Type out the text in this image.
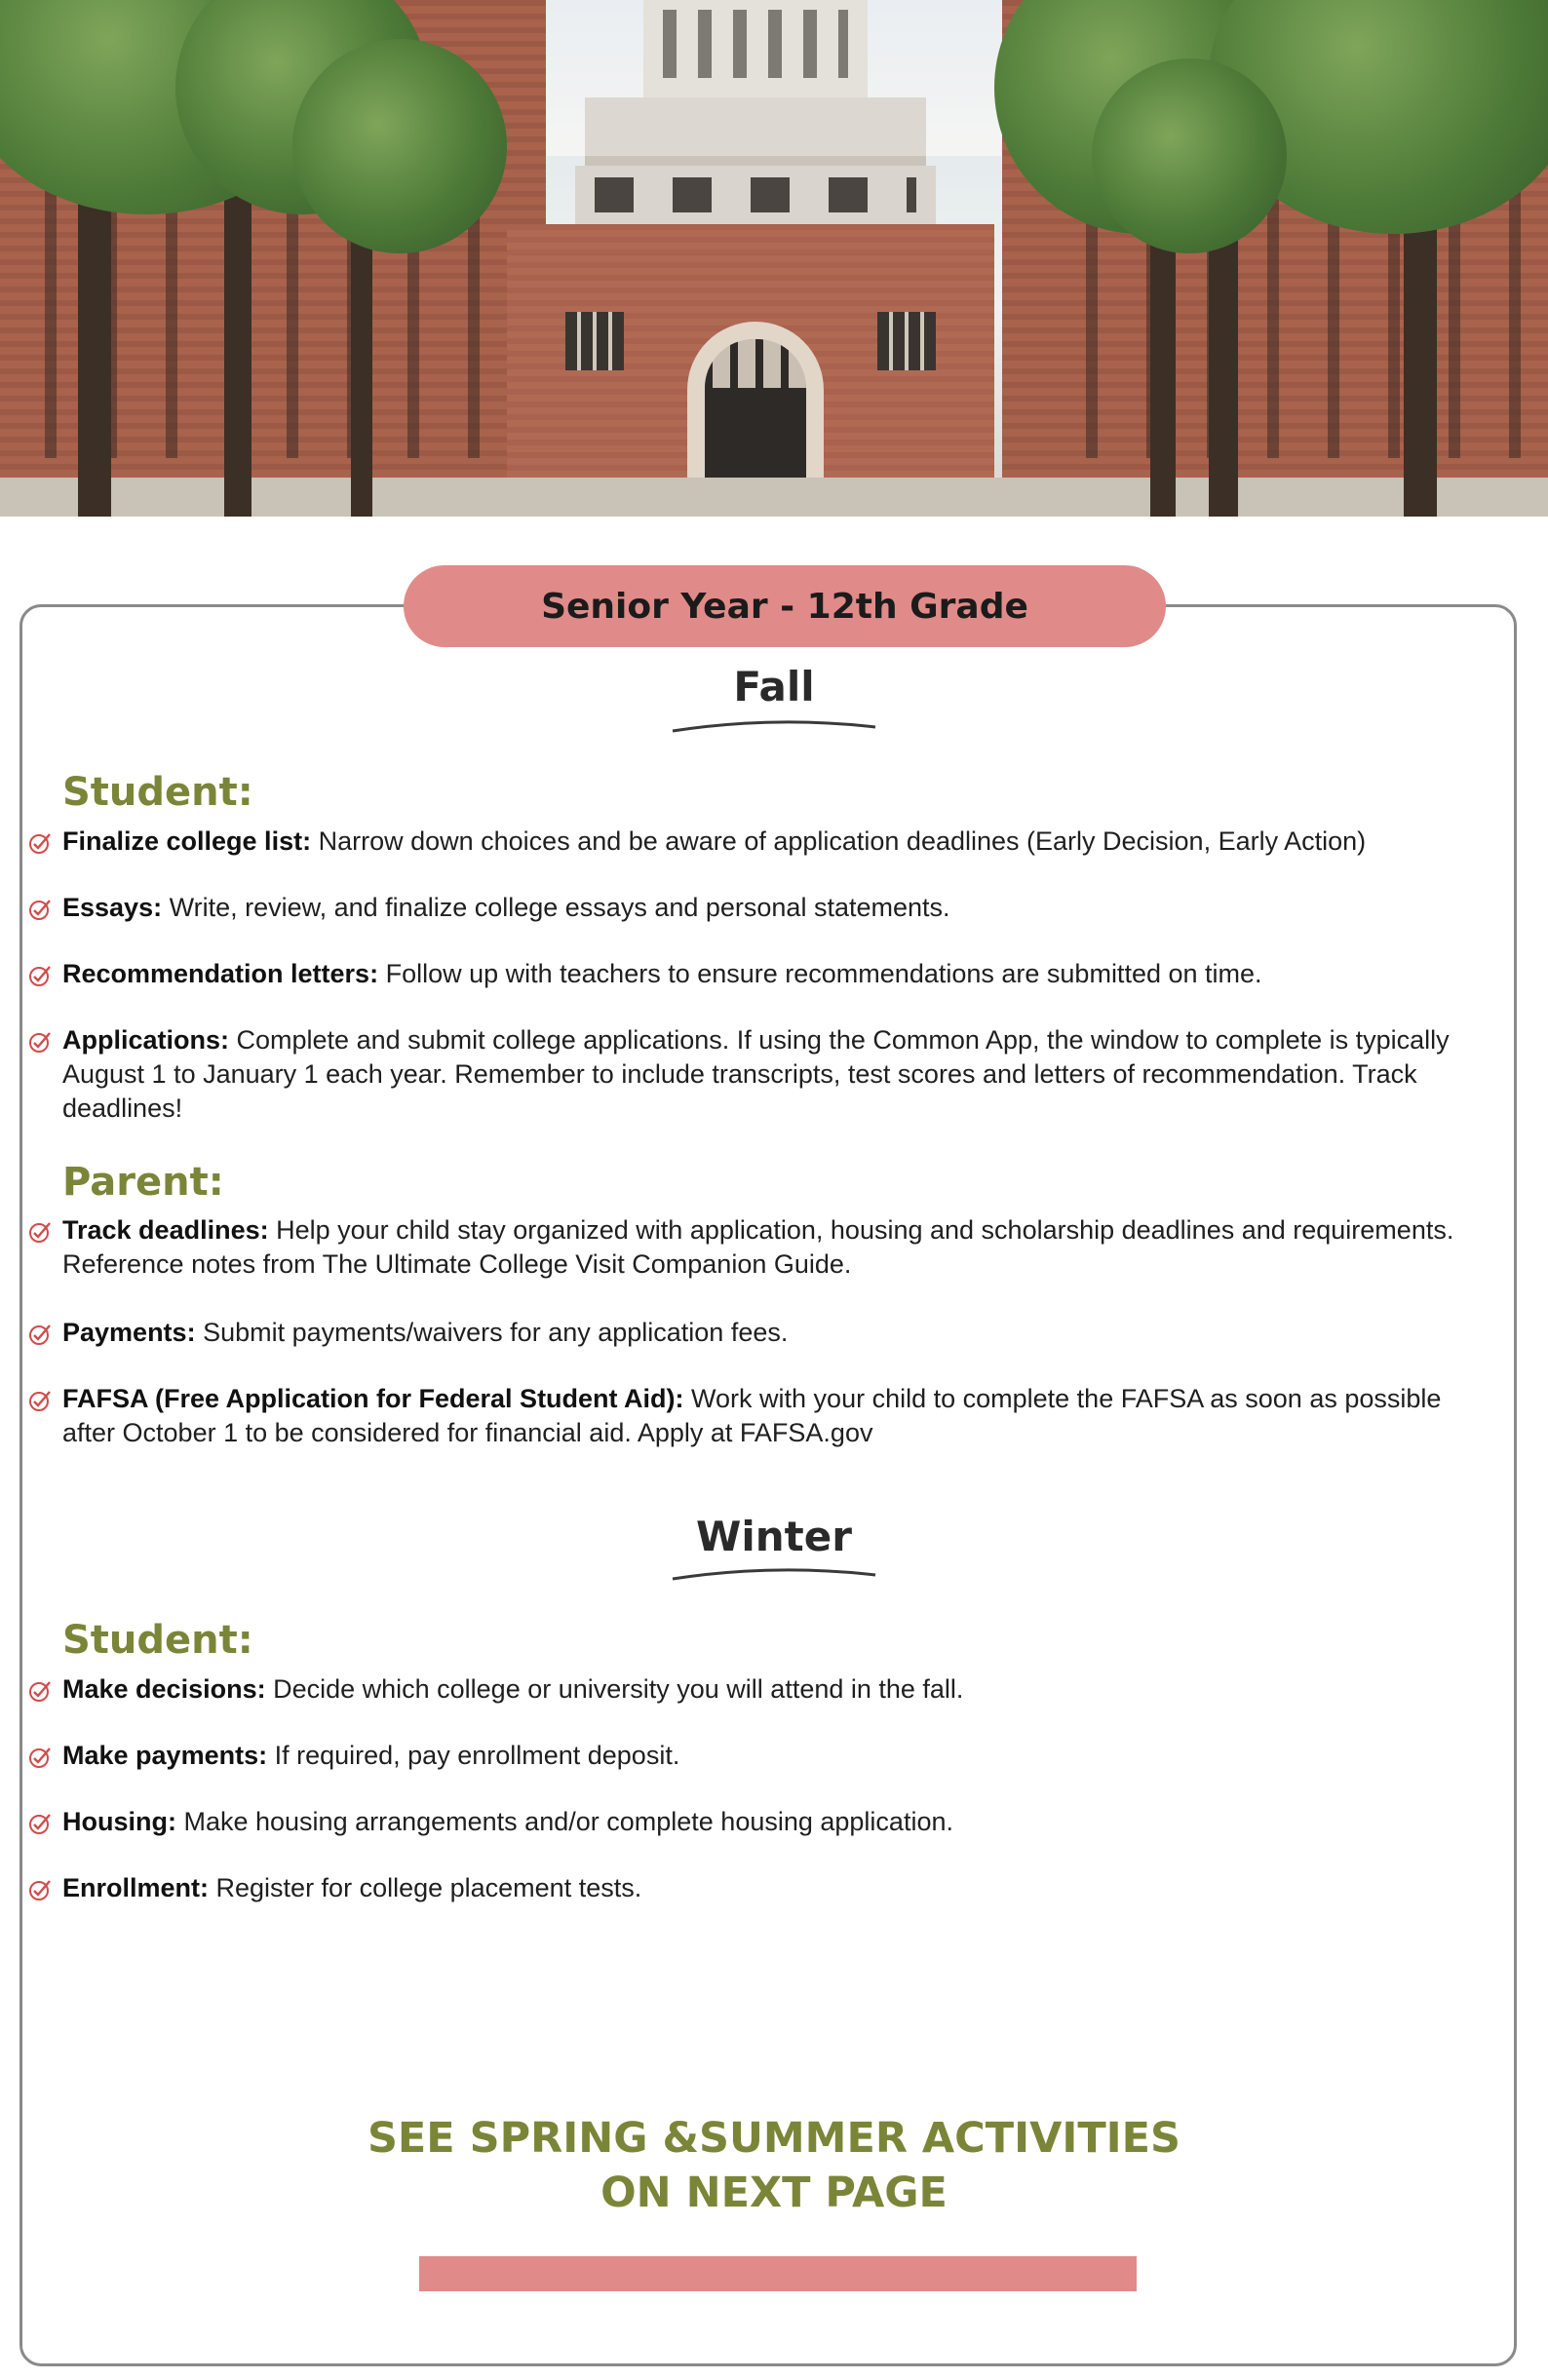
Senior Year - 12th Grade
Fall
Student:
Finalize college list: Narrow down choices and be aware of application deadlines (Early Decision, Early Action)
Essays: Write, review, and finalize college essays and personal statements.
Recommendation letters: Follow up with teachers to ensure recommendations are submitted on time.
Applications: Complete and submit college applications. If using the Common App, the window to complete is typically August 1 to January 1 each year. Remember to include transcripts, test scores and letters of recommendation. Track deadlines!
Parent:
Track deadlines: Help your child stay organized with application, housing and scholarship deadlines and requirements. Reference notes from The Ultimate College Visit Companion Guide.
Payments: Submit payments/waivers for any application fees.
FAFSA (Free Application for Federal Student Aid): Work with your child to complete the FAFSA as soon as possible after October 1 to be considered for financial aid. Apply at FAFSA.gov
Winter
Student:
Make decisions: Decide which college or university you will attend in the fall.
Make payments: If required, pay enrollment deposit.
Housing: Make housing arrangements and/or complete housing application.
Enrollment: Register for college placement tests.
SEE SPRING &SUMMER ACTIVITIES
ON NEXT PAGE
